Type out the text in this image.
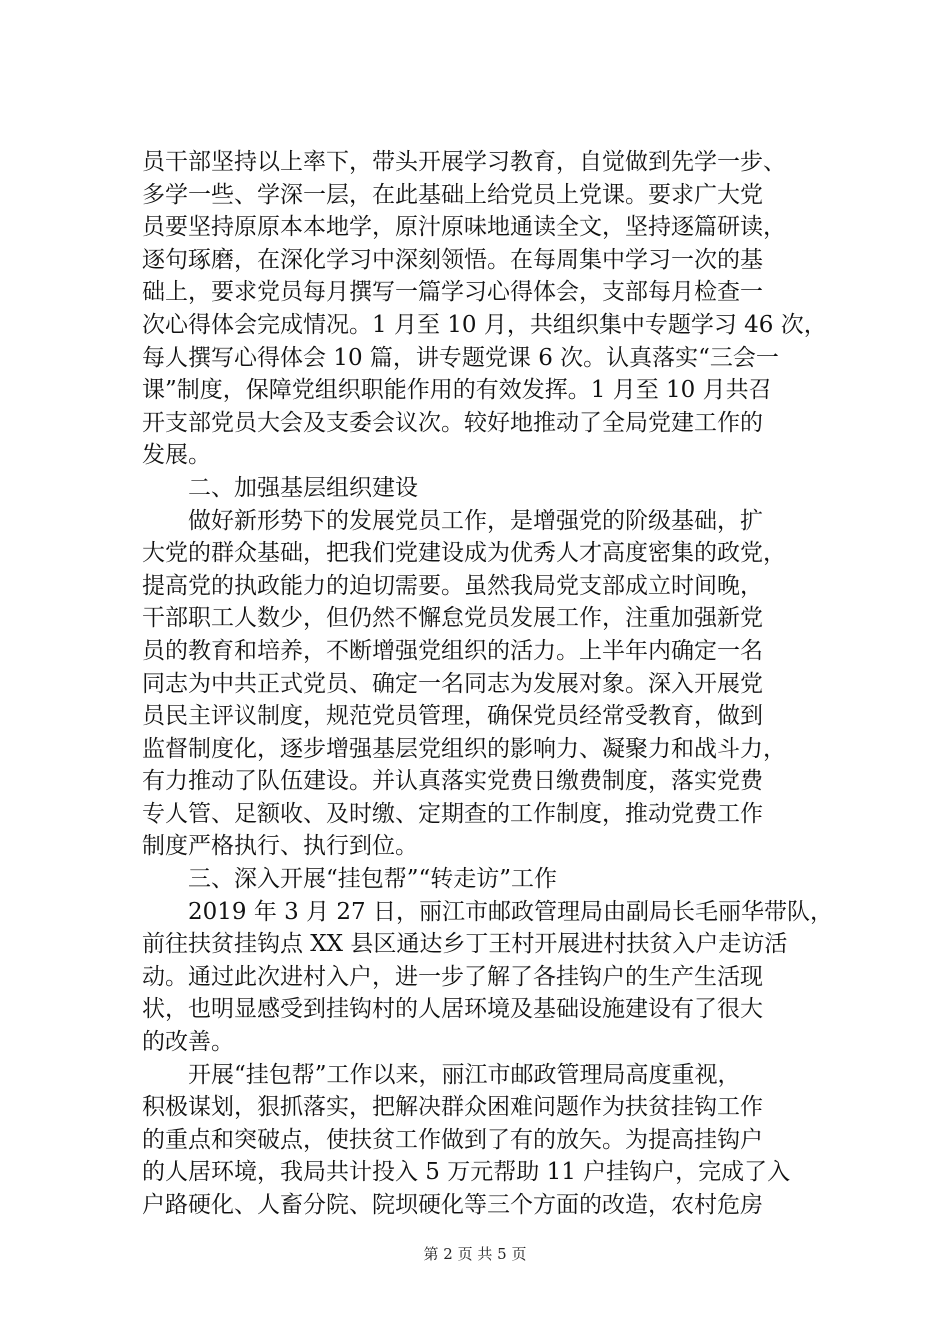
员干部坚持以上率下，带头开展学习教育，自觉做到先学一步、
多学一些、学深一层，在此基础上给党员上党课。要求广大党
员要坚持原原本本地学，原汁原味地通读全文，坚持逐篇研读，
逐句琢磨，在深化学习中深刻领悟。在每周集中学习一次的基
础上，要求党员每月撰写一篇学习心得体会，支部每月检查一
次心得体会完成情况。1 月至 10 月，共组织集中专题学习 46 次，
每人撰写心得体会 10 篇，讲专题党课 6 次。认真落实“三会一
课”制度，保障党组织职能作用的有效发挥。1 月至 10 月共召
开支部党员大会及支委会议次。较好地推动了全局党建工作的
发展。
　　二、加强基层组织建设
　　做好新形势下的发展党员工作，是增强党的阶级基础，扩
大党的群众基础，把我们党建设成为优秀人才高度密集的政党，
提高党的执政能力的迫切需要。虽然我局党支部成立时间晚，
干部职工人数少，但仍然不懈怠党员发展工作，注重加强新党
员的教育和培养，不断增强党组织的活力。上半年内确定一名
同志为中共正式党员、确定一名同志为发展对象。深入开展党
员民主评议制度，规范党员管理，确保党员经常受教育，做到
监督制度化，逐步增强基层党组织的影响力、凝聚力和战斗力，
有力推动了队伍建设。并认真落实党费日缴费制度，落实党费
专人管、足额收、及时缴、定期查的工作制度，推动党费工作
制度严格执行、执行到位。
　　三、深入开展“挂包帮”“转走访”工作
　　2019 年 3 月 27 日，丽江市邮政管理局由副局长毛丽华带队，
前往扶贫挂钩点 XX 县区通达乡丁王村开展进村扶贫入户走访活
动。通过此次进村入户，进一步了解了各挂钩户的生产生活现
状，也明显感受到挂钩村的人居环境及基础设施建设有了很大
的改善。
　　开展“挂包帮”工作以来，丽江市邮政管理局高度重视，
积极谋划，狠抓落实，把解决群众困难问题作为扶贫挂钩工作
的重点和突破点，使扶贫工作做到了有的放矢。为提高挂钩户
的人居环境，我局共计投入 5 万元帮助 11 户挂钩户，完成了入
户路硬化、人畜分院、院坝硬化等三个方面的改造，农村危房
第 2 页 共 5 页
